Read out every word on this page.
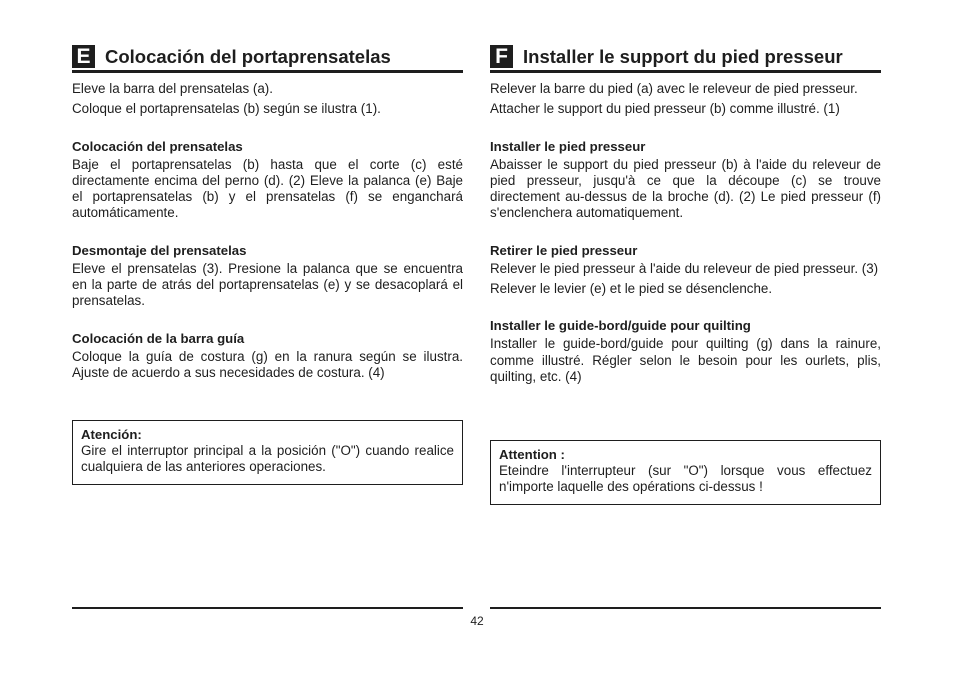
E Colocación del portaprensatelas

Eleve la barra del prensatelas (a).

Coloque el portaprensatelas (b) según se ilustra (1).

Colocación del prensatelas

Baje el portaprensatelas (b) hasta que el corte (c) esté directamente encima del perno (d). (2) Eleve la palanca (e) Baje el portaprensatelas (b) y el prensatelas (f) se enganchará automáticamente.

Desmontaje del prensatelas

Eleve el prensatelas (3). Presione la palanca que se encuentra en la parte de atrás del portaprensatelas (e) y se desacoplará el prensatelas.

Colocación de la barra guía

Coloque la guía de costura (g) en la ranura según se ilustra. Ajuste de acuerdo a sus necesidades de costura. (4)

Atención:

Gire el interruptor principal a la posición ("O") cuando realice cualquiera de las anteriores operaciones.

F Installer le support du pied presseur

Relever la barre du pied (a) avec le releveur de pied presseur.

Attacher le support du pied presseur (b) comme illustré. (1)

Installer le pied presseur

Abaisser le support du pied presseur (b) à l'aide du releveur de pied presseur, jusqu'à ce que la découpe (c) se trouve directement au-dessus de la broche (d). (2) Le pied presseur (f) s'enclenchera automatiquement.

Retirer le pied presseur

Relever le pied presseur à l'aide du releveur de pied presseur. (3)

Relever le levier (e) et le pied se désenclenche.

Installer le guide-bord/guide pour quilting

Installer le guide-bord/guide pour quilting (g) dans la rainure, comme illustré. Régler selon le besoin pour les ourlets, plis, quilting, etc. (4)

Attention :

Eteindre l'interrupteur (sur "O") lorsque vous effectuez n'importe laquelle des opérations ci-dessus !

42
